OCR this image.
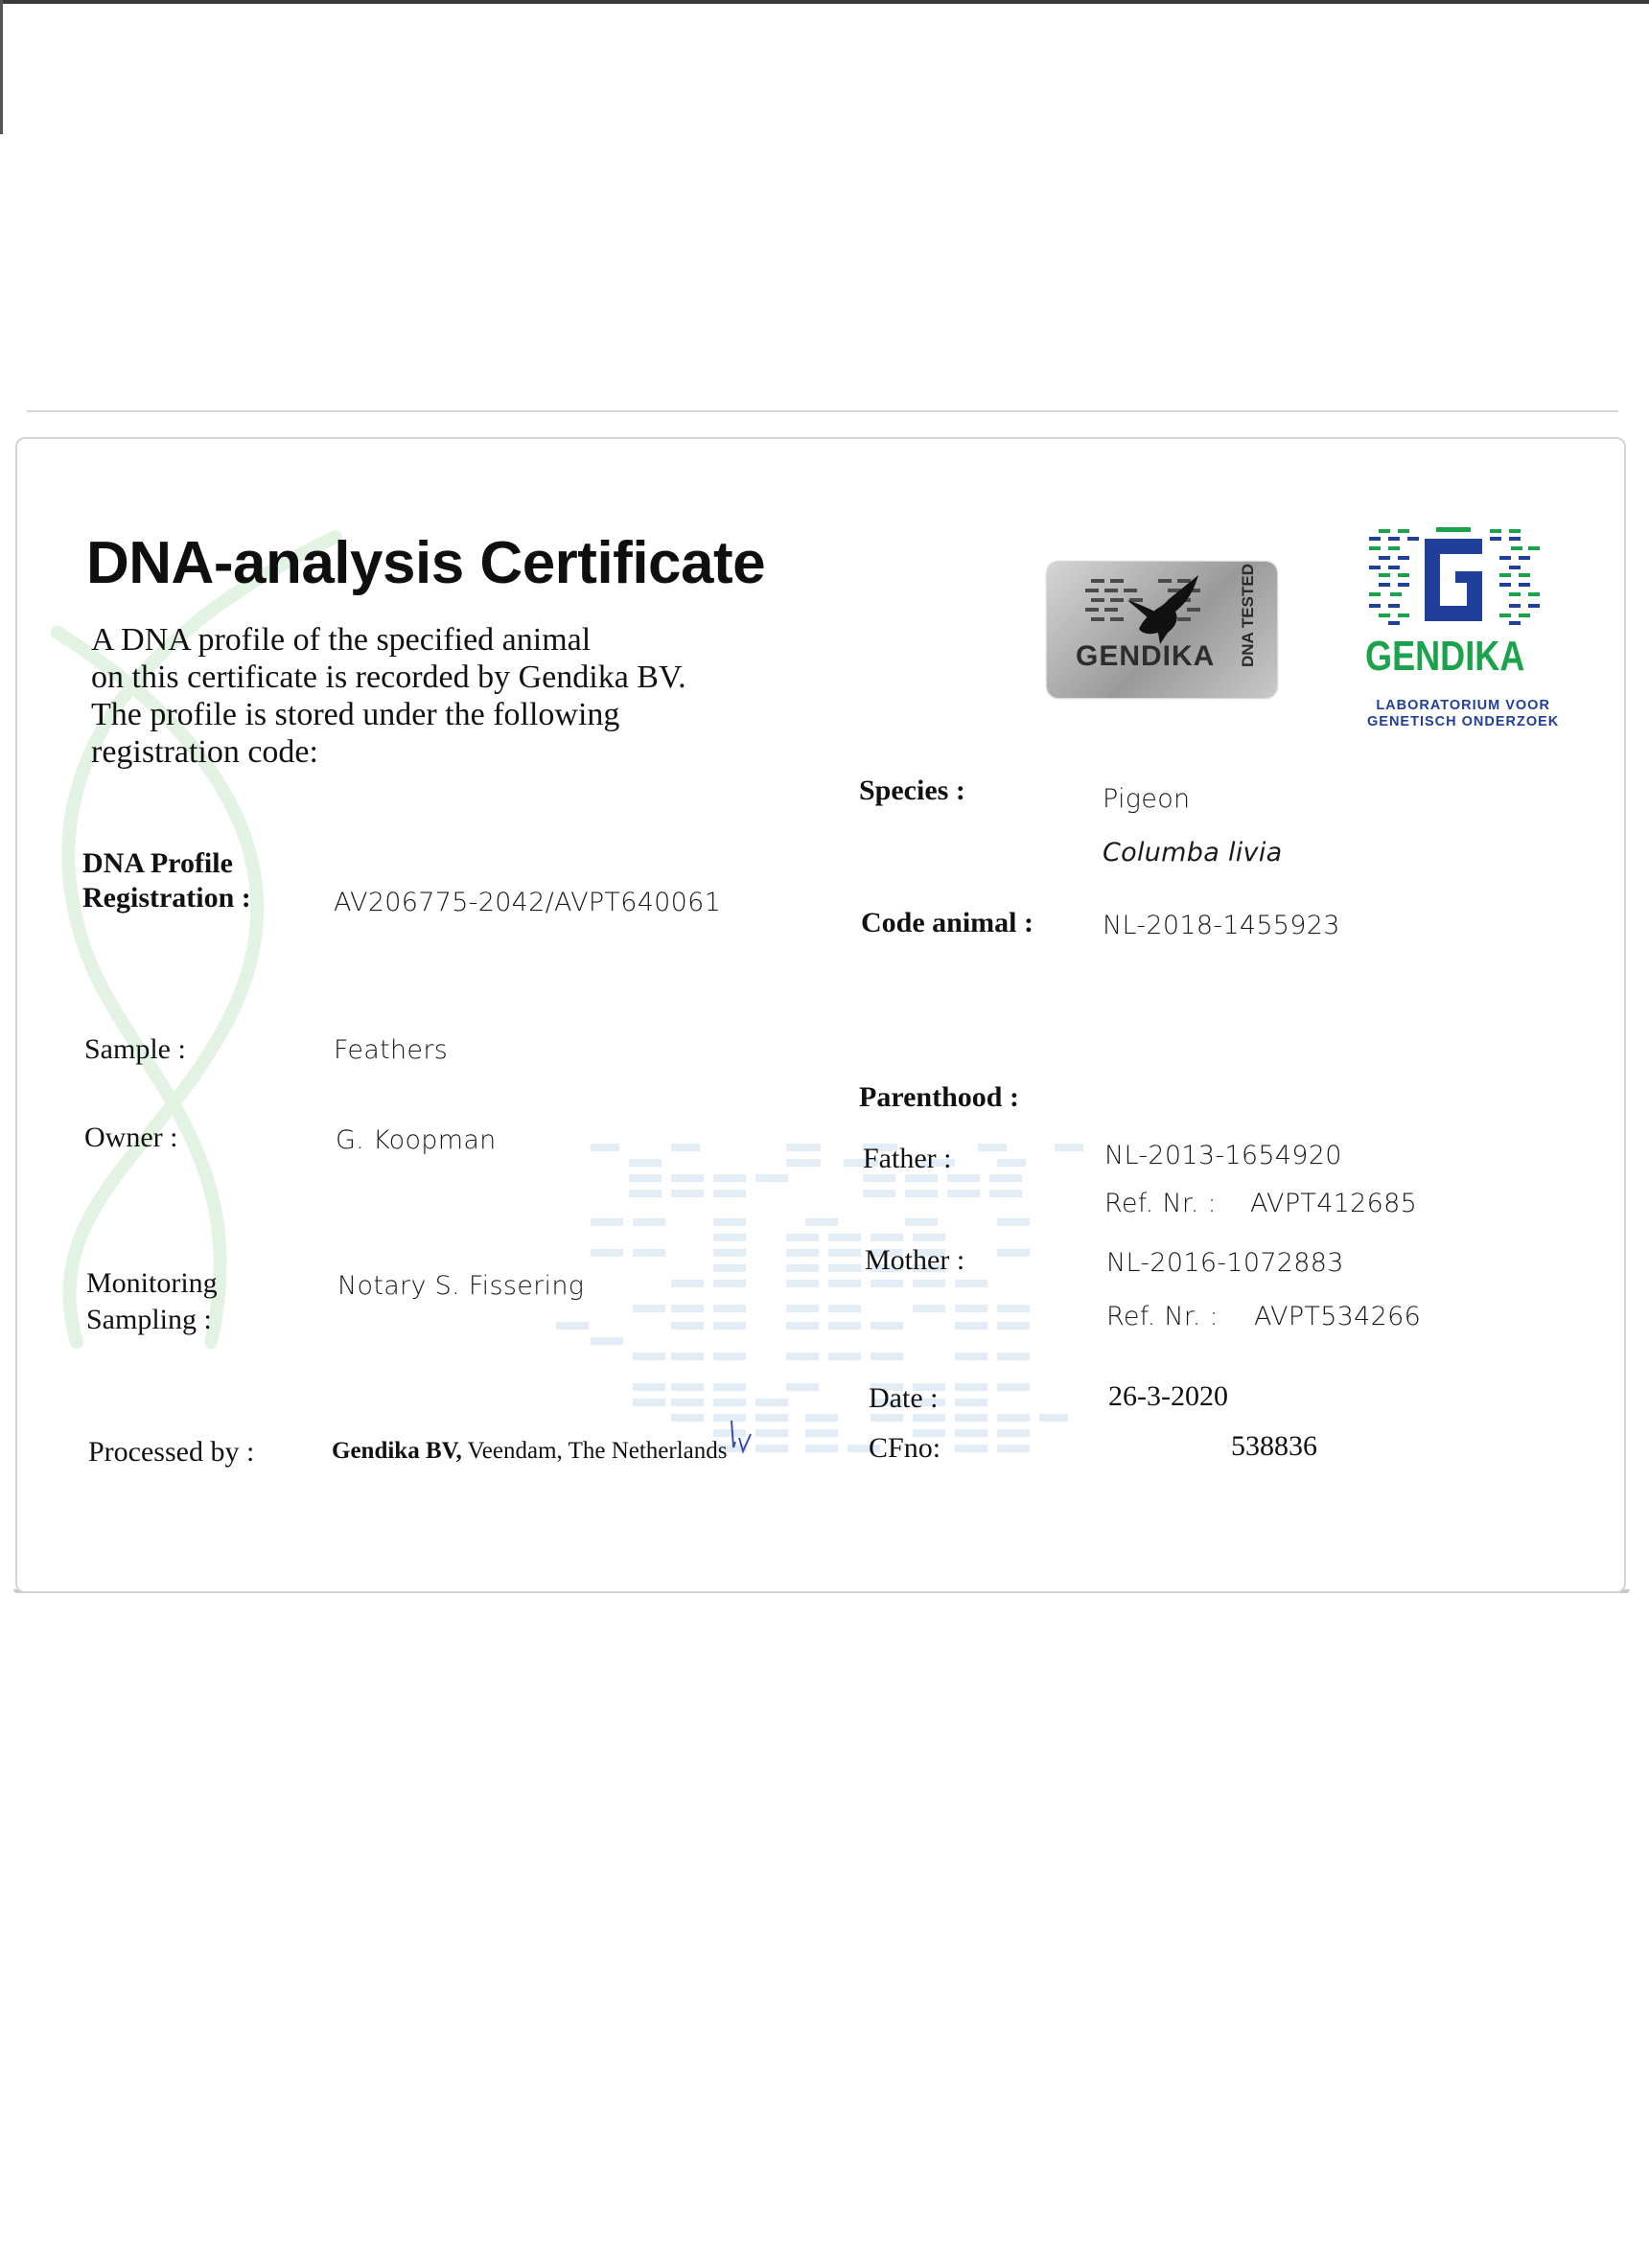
DNA-analysis Certificate
A DNA profile of the specified animal
on this certificate is recorded by Gendika BV.
The profile is stored under the following
registration code:
GENDIKA DNA TESTED	GENDIKA
LABORATORIUM VOOR
GENETISCH ONDERZOEK
DNA Profile
Registration :	AV206775-2042/AVPT640061
Sample :	Feathers
Owner :	G. Koopman
Monitoring
Sampling :
Notary S. Fissering
Processed by :	Gendika BV, Veendam, The Netherlands
Species :	Pigeon
Columba livia
Code animal :	NL-2018-1455923
Parenthood :
Father :	NL-2013-1654920
Ref. Nr. : AVPT412685
Mother :	NL-2016-1072883
Ref. Nr. : AVPT534266
Date :	26-3-2020
CFno:	538836
